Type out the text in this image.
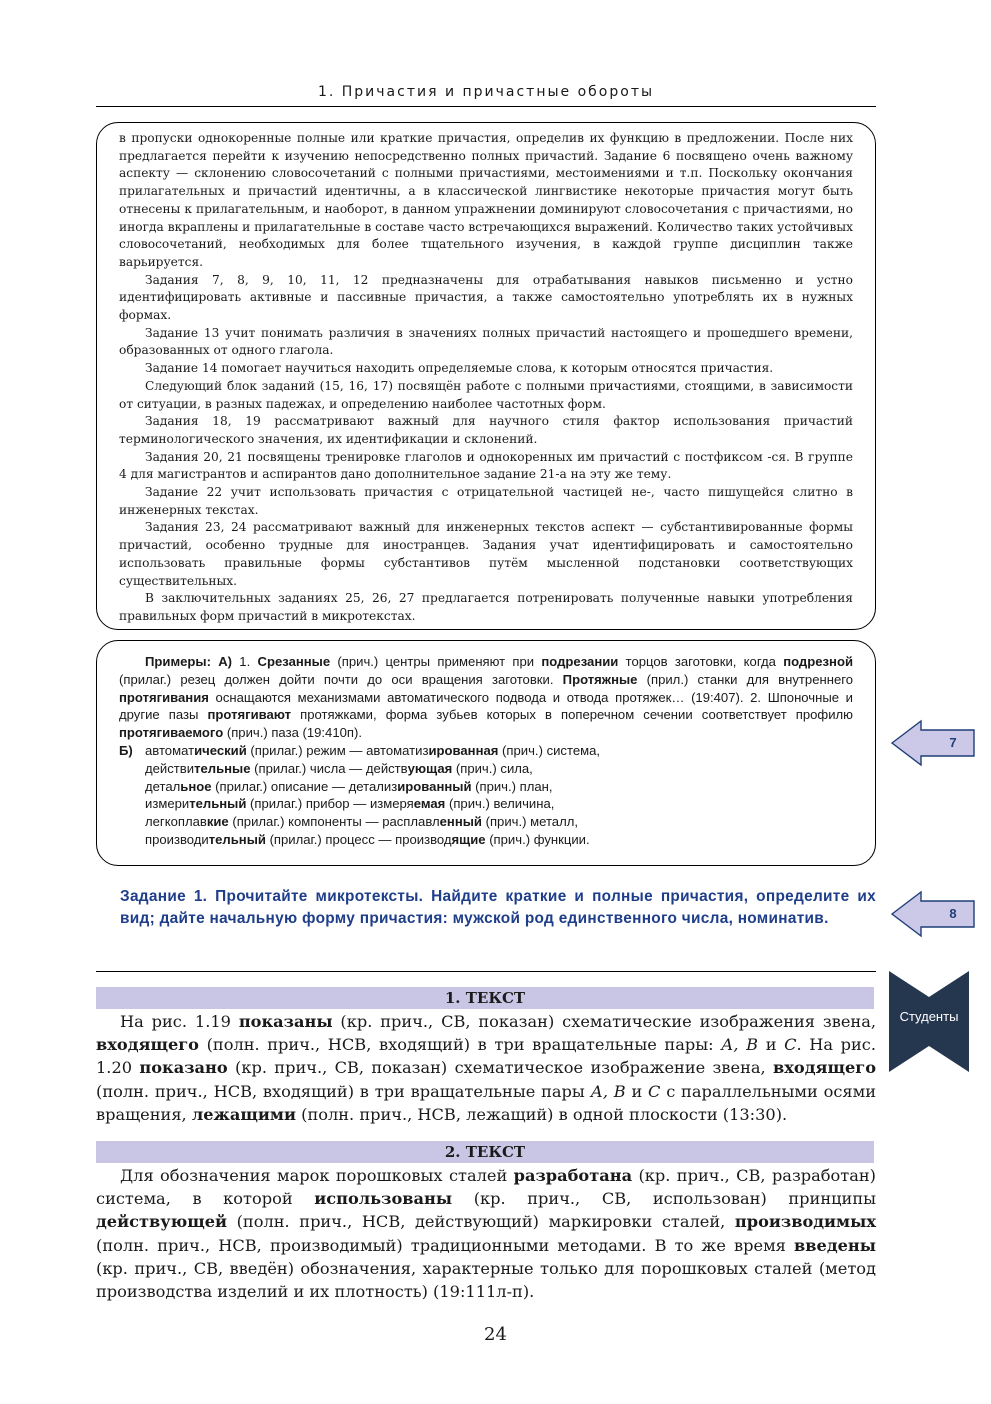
1. Причастия и причастные обороты

в пропуски однокоренные полные или краткие причастия, определив их функцию в предложении. После них предлагается перейти к изучению непосредственно полных причастий. Задание 6 посвящено очень важному аспекту — склонению словосочетаний с полными причастиями, местоимениями и т.п. Поскольку окончания прилагательных и причастий идентичны, а в классической лингвистике некоторые причастия могут быть отнесены к прилагательным, и наоборот, в данном упражнении доминируют словосочетания с причастиями, но иногда вкраплены и прилагательные в составе часто встречающихся выражений. Количество таких устойчивых словосочетаний, необходимых для более тщательного изучения, в каждой группе дисциплин также варьируется.

Задания 7, 8, 9, 10, 11, 12 предназначены для отрабатывания навыков письменно и устно идентифицировать активные и пассивные причастия, а также самостоятельно употреблять их в нужных формах.

Задание 13 учит понимать различия в значениях полных причастий настоящего и прошедшего времени, образованных от одного глагола.

Задание 14 помогает научиться находить определяемые слова, к которым относятся причастия.

Следующий блок заданий (15, 16, 17) посвящён работе с полными причастиями, стоящими, в зависимости от ситуации, в разных падежах, и определению наиболее частотных форм.

Задания 18, 19 рассматривают важный для научного стиля фактор использования причастий терминологического значения, их идентификации и склонений.

Задания 20, 21 посвящены тренировке глаголов и однокоренных им причастий с постфиксом -ся. В группе 4 для магистрантов и аспирантов дано дополнительное задание 21-а на эту же тему.

Задание 22 учит использовать причастия с отрицательной частицей не-, часто пишущейся слитно в инженерных текстах.

Задания 23, 24 рассматривают важный для инженерных текстов аспект — субстантивированные формы причастий, особенно трудные для иностранцев. Задания учат идентифицировать и самостоятельно использовать правильные формы субстантивов путём мысленной подстановки соответствующих существительных.

В заключительных заданиях 25, 26, 27 предлагается потренировать полученные навыки употребления правильных форм причастий в микротекстах.

Примеры: А) 1. Срезанные (прич.) центры применяют при подрезании торцов заготовки, когда подрезной (прилаг.) резец должен дойти почти до оси вращения заготовки. Протяжные (прил.) станки для внутреннего протягивания оснащаются механизмами автоматического подвода и отвода протяжек… (19:407). 2. Шпоночные и другие пазы протягивают протяжками, форма зубьев которых в поперечном сечении соответствует профилю протягиваемого (прич.) паза (19:410п).

Б) автоматический (прилаг.) режим — автоматизированная (прич.) система,
действительные (прилаг.) числа — действующая (прич.) сила,
детальное (прилаг.) описание — детализированный (прич.) план,
измерительный (прилаг.) прибор — измеряемая (прич.) величина,
легкоплавкие (прилаг.) компоненты — расплавленный (прич.) металл,
производительный (прилаг.) процесс — производящие (прич.) функции.
7
8
Задание 1. Прочитайте микротексты. Найдите краткие и полные причастия, определите их вид; дайте начальную форму причастия: мужской род единственного числа, номинатив.
Студенты
1. ТЕКСТ

На рис. 1.19 показаны (кр. прич., СВ, показан) схематические изображения звена, входящего (полн. прич., НСВ, входящий) в три вращательные пары: А, В и С. На рис. 1.20 показано (кр. прич., СВ, показан) схематическое изображение звена, входящего (полн. прич., НСВ, входящий) в три вращательные пары А, В и С с параллельными осями вращения, лежащими (полн. прич., НСВ, лежащий) в одной плоскости (13:30).

2. ТЕКСТ

Для обозначения марок порошковых сталей разработана (кр. прич., СВ, разработан) система, в которой использованы (кр. прич., СВ, использован) принципы действующей (полн. прич., НСВ, действующий) маркировки сталей, производимых (полн. прич., НСВ, производимый) традиционными методами. В то же время введены (кр. прич., СВ, введён) обозначения, характерные только для порошковых сталей (метод производства изделий и их плотность) (19:111л-п).

24
